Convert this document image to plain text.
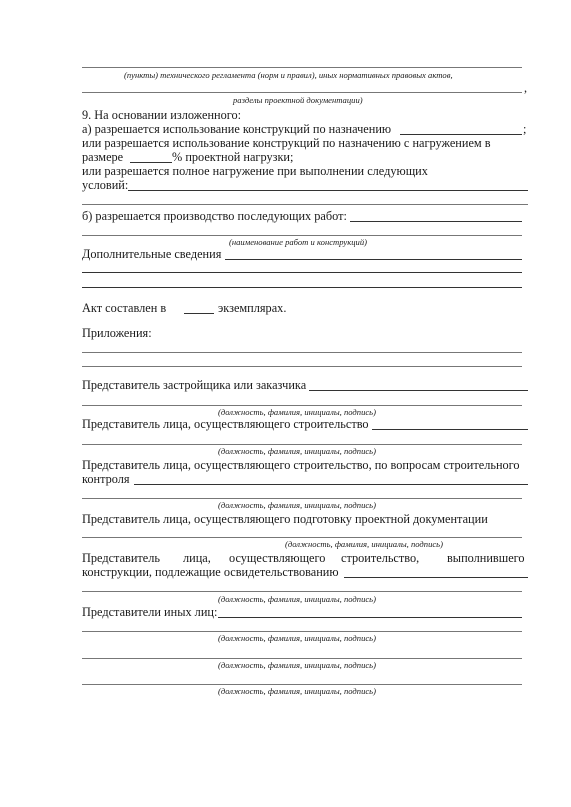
(пункты) технического регламента (норм и правил), иных нормативных правовых актов,
,
разделы проектной документации)
9. На основании изложенного:
а) разрешается использование конструкций по назначению	;
или разрешается использование конструкций по назначению с нагружением в
размере	% проектной нагрузки;
или разрешается полное нагружение при выполнении следующих
условий:
б) разрешается производство последующих работ:
(наименование работ и конструкций)
Дополнительные сведения
Акт составлен в	экземплярах.
Приложения:
Представитель застройщика или заказчика
(должность, фамилия, инициалы, подпись)
Представитель лица, осуществляющего строительство
(должность, фамилия, инициалы, подпись)
Представитель лица, осуществляющего строительство, по вопросам строительного
контроля
(должность, фамилия, инициалы, подпись)
Представитель лица, осуществляющего подготовку проектной документации
(должность, фамилия, инициалы, подпись)
Представитель лица, осуществляющего строительство, выполнившего
конструкции, подлежащие освидетельствованию
(должность, фамилия, инициалы, подпись)
Представители иных лиц:
(должность, фамилия, инициалы, подпись)
(должность, фамилия, инициалы, подпись)
(должность, фамилия, инициалы, подпись)
